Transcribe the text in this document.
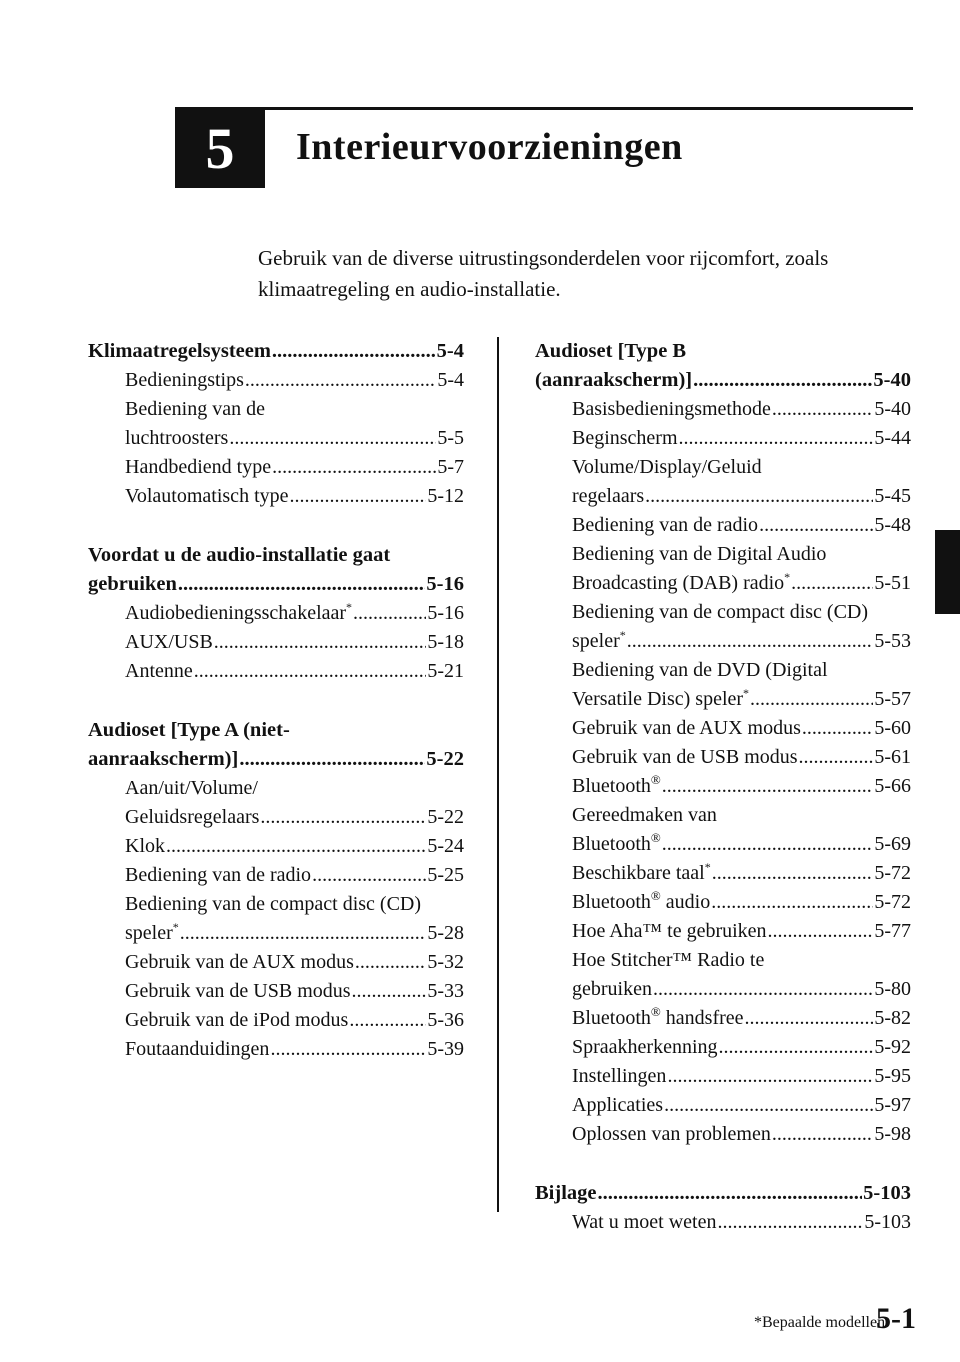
5 Interieurvoorzieningen
Gebruik van de diverse uitrustingsonderdelen voor rijcomfort, zoals
klimaatregeling en audio-installatie.
Klimaatregelsysteem .....	5-4
Bedieningstips .....	5-4
Bediening van de
luchtroosters .....	5-5
Handbediend type .....	5-7
Volautomatisch type .....	5-12
Voordat u de audio-installatie gaat
gebruiken .....	5-16
Audiobedieningsschakelaar* .....	5-16
AUX/USB .....	5-18
Antenne .....	5-21
Audioset [Type A (niet-
aanraakscherm)] .....	5-22
Aan/uit/Volume/
Geluidsregelaars .....	5-22
Klok .....	5-24
Bediening van de radio .....	5-25
Bediening van de compact disc (CD)
speler* .....	5-28
Gebruik van de AUX modus .....	5-32
Gebruik van de USB modus .....	5-33
Gebruik van de iPod modus .....	5-36
Foutaanduidingen .....	5-39
Audioset [Type B
(aanraakscherm)] .....	5-40
Basisbedieningsmethode .....	5-40
Beginscherm .....	5-44
Volume/Display/Geluid
regelaars .....	5-45
Bediening van de radio .....	5-48
Bediening van de Digital Audio
Broadcasting (DAB) radio* .....	5-51
Bediening van de compact disc (CD)
speler* .....	5-53
Bediening van de DVD (Digital
Versatile Disc) speler* .....	5-57
Gebruik van de AUX modus .....	5-60
Gebruik van de USB modus .....	5-61
Bluetooth® .....	5-66
Gereedmaken van
Bluetooth® .....	5-69
Beschikbare taal* .....	5-72
Bluetooth® audio .....	5-72
Hoe Aha™ te gebruiken .....	5-77
Hoe Stitcher™ Radio te
gebruiken .....	5-80
Bluetooth® handsfree .....	5-82
Spraakherkenning .....	5-92
Instellingen .....	5-95
Applicaties .....	5-97
Oplossen van problemen .....	5-98
Bijlage .....	5-103
Wat u moet weten .....	5-103
*Bepaalde modellen.
5-1
